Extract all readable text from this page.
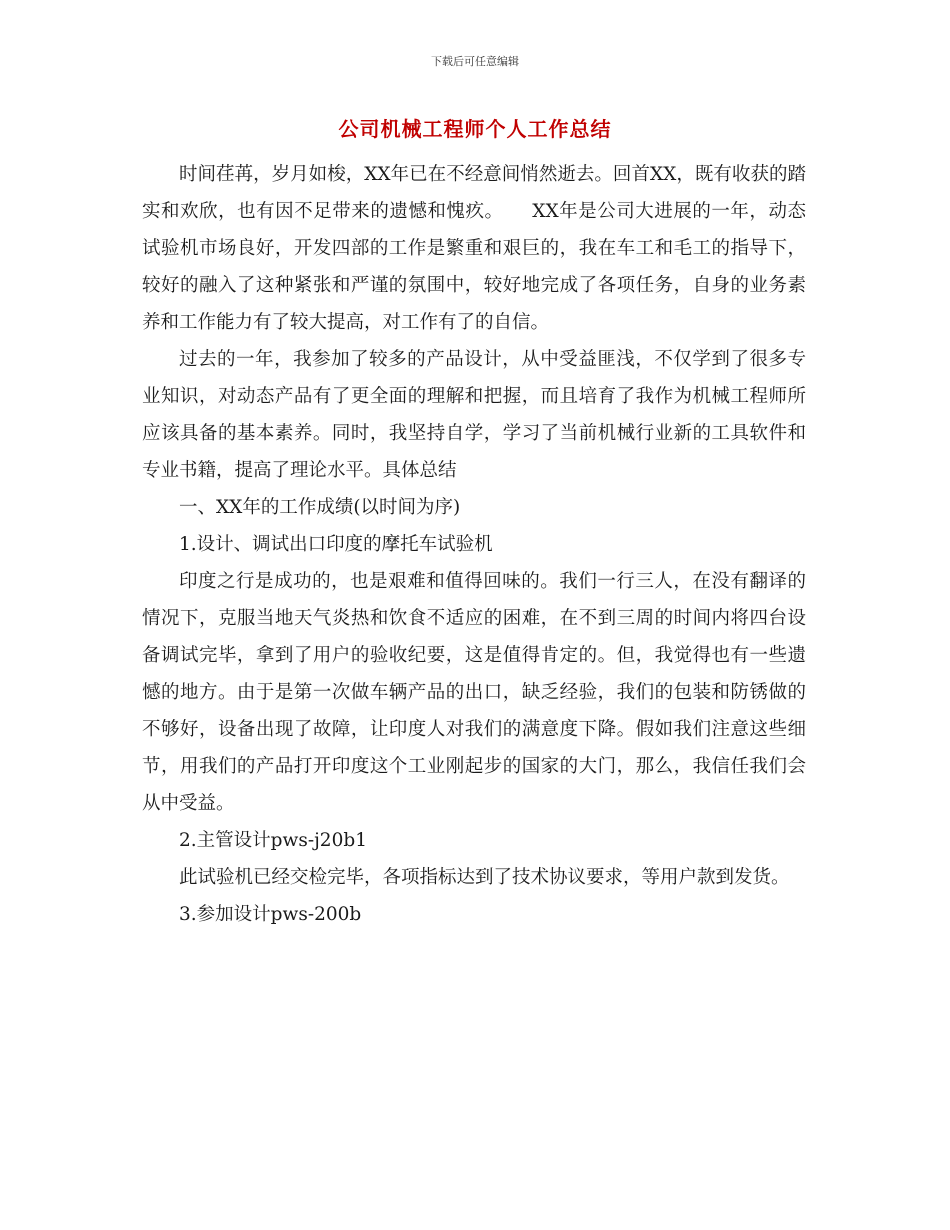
下载后可任意编辑
公司机械工程师个人工作总结

时间荏苒，岁月如梭，XX年已在不经意间悄然逝去。回首XX，既有收获的踏实和欢欣，也有因不足带来的遗憾和愧疚。　　XX年是公司大进展的一年，动态试验机市场良好，开发四部的工作是繁重和艰巨的，我在车工和毛工的指导下，较好的融入了这种紧张和严谨的氛围中，较好地完成了各项任务，自身的业务素养和工作能力有了较大提高，对工作有了的自信。

过去的一年，我参加了较多的产品设计，从中受益匪浅，不仅学到了很多专业知识，对动态产品有了更全面的理解和把握，而且培育了我作为机械工程师所应该具备的基本素养。同时，我坚持自学，学习了当前机械行业新的工具软件和专业书籍，提高了理论水平。具体总结

一、XX年的工作成绩(以时间为序)

1.设计、调试出口印度的摩托车试验机

印度之行是成功的，也是艰难和值得回味的。我们一行三人，在没有翻译的情况下，克服当地天气炎热和饮食不适应的困难，在不到三周的时间内将四台设备调试完毕，拿到了用户的验收纪要，这是值得肯定的。但，我觉得也有一些遗憾的地方。由于是第一次做车辆产品的出口，缺乏经验，我们的包装和防锈做的不够好，设备出现了故障，让印度人对我们的满意度下降。假如我们注意这些细节，用我们的产品打开印度这个工业刚起步的国家的大门，那么，我信任我们会从中受益。

2.主管设计pws-j20b1

此试验机已经交检完毕，各项指标达到了技术协议要求，等用户款到发货。

3.参加设计pws-200b
